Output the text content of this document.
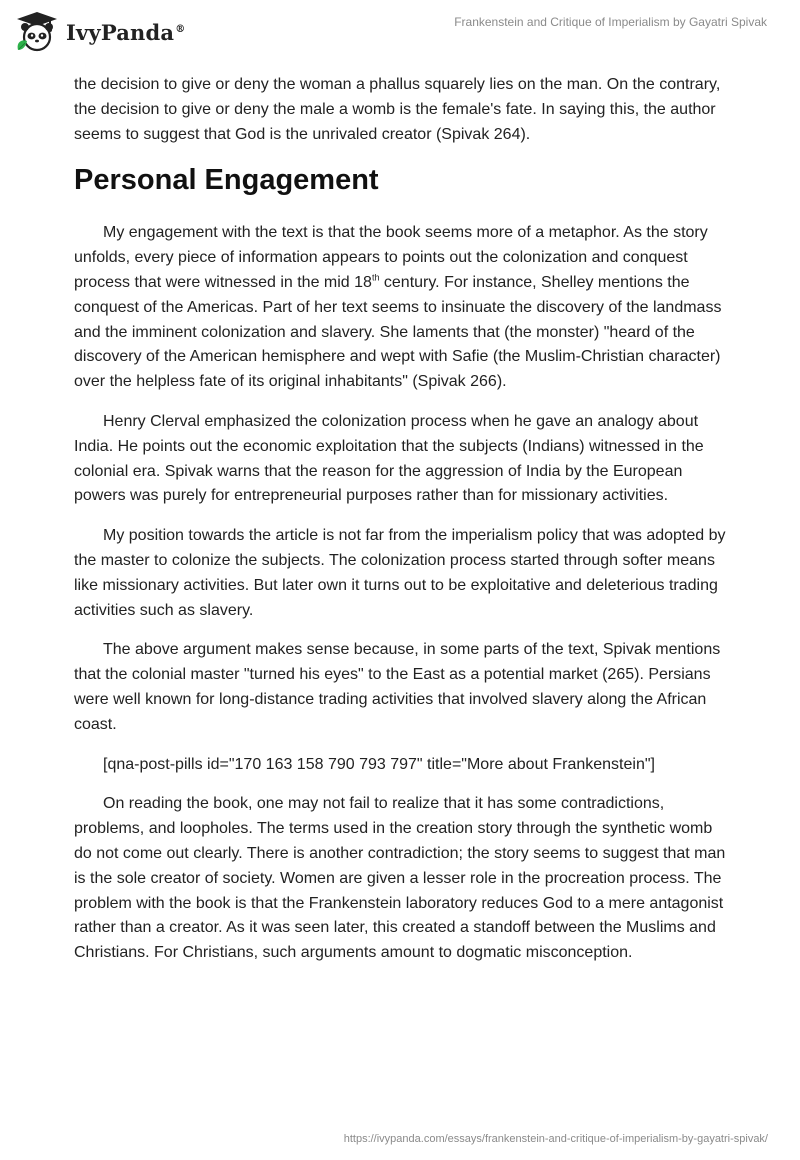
IvyPanda®	Frankenstein and Critique of Imperialism by Gayatri Spivak

the decision to give or deny the woman a phallus squarely lies on the man. On the contrary, the decision to give or deny the male a womb is the female's fate. In saying this, the author seems to suggest that God is the unrivaled creator (Spivak 264).

Personal Engagement

My engagement with the text is that the book seems more of a metaphor. As the story unfolds, every piece of information appears to points out the colonization and conquest process that were witnessed in the mid 18th century. For instance, Shelley mentions the conquest of the Americas. Part of her text seems to insinuate the discovery of the landmass and the imminent colonization and slavery. She laments that (the monster) "heard of the discovery of the American hemisphere and wept with Safie (the Muslim-Christian character) over the helpless fate of its original inhabitants" (Spivak 266).

Henry Clerval emphasized the colonization process when he gave an analogy about India. He points out the economic exploitation that the subjects (Indians) witnessed in the colonial era. Spivak warns that the reason for the aggression of India by the European powers was purely for entrepreneurial purposes rather than for missionary activities.

My position towards the article is not far from the imperialism policy that was adopted by the master to colonize the subjects. The colonization process started through softer means like missionary activities. But later own it turns out to be exploitative and deleterious trading activities such as slavery.

The above argument makes sense because, in some parts of the text, Spivak mentions that the colonial master "turned his eyes" to the East as a potential market (265). Persians were well known for long-distance trading activities that involved slavery along the African coast.

[qna-post-pills id="170 163 158 790 793 797" title="More about Frankenstein"]

On reading the book, one may not fail to realize that it has some contradictions, problems, and loopholes. The terms used in the creation story through the synthetic womb do not come out clearly. There is another contradiction; the story seems to suggest that man is the sole creator of society. Women are given a lesser role in the procreation process. The problem with the book is that the Frankenstein laboratory reduces God to a mere antagonist rather than a creator. As it was seen later, this created a standoff between the Muslims and Christians. For Christians, such arguments amount to dogmatic misconception.

https://ivypanda.com/essays/frankenstein-and-critique-of-imperialism-by-gayatri-spivak/
